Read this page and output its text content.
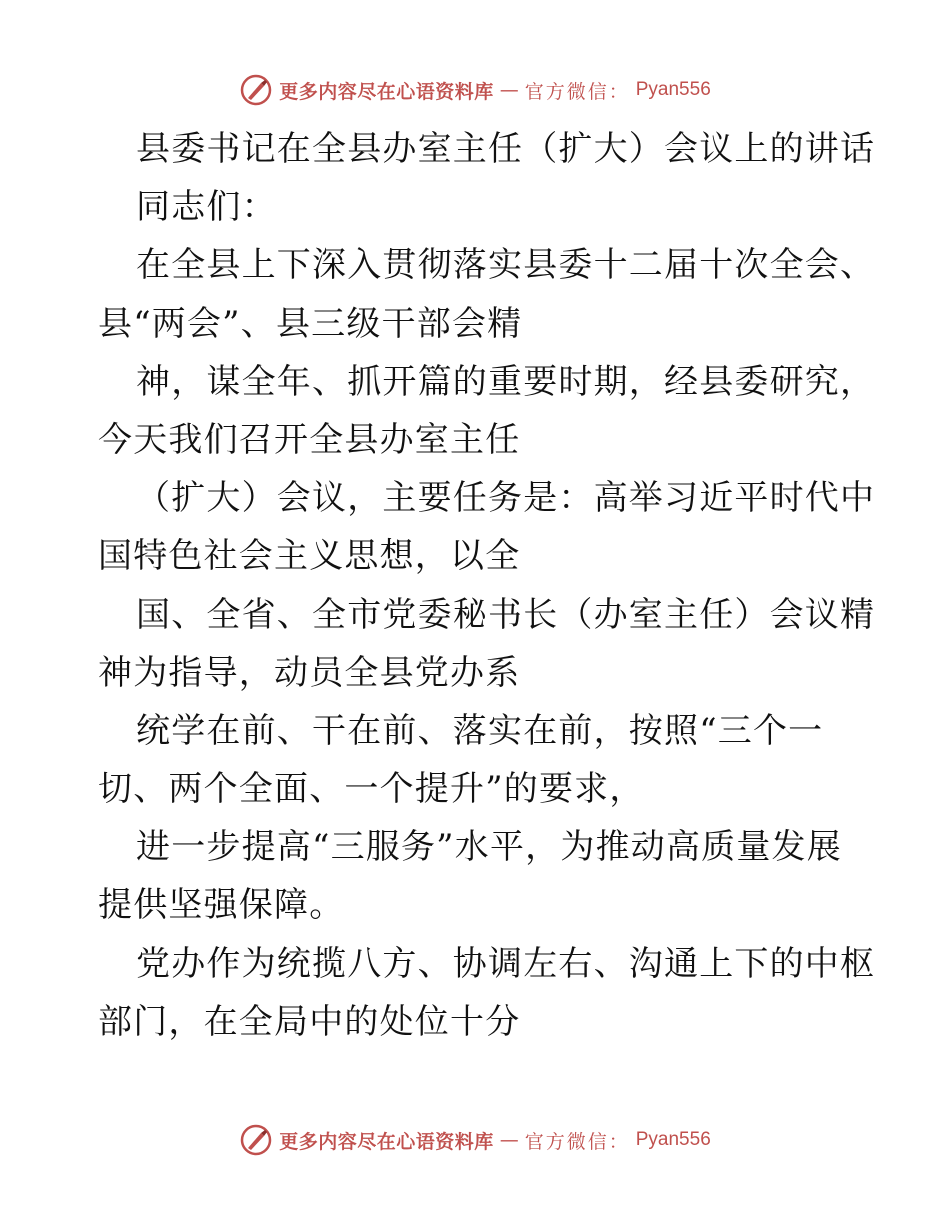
更多内容尽在心语资料库 — 官方微信： Pyan556
县委书记在全县办室主任（扩大）会议上的讲话
同志们：
在全县上下深入贯彻落实县委十二届十次全会、
县“两会”、县三级干部会精
神，谋全年、抓开篇的重要时期，经县委研究，
今天我们召开全县办室主任
（扩大）会议，主要任务是：高举习近平时代中
国特色社会主义思想，以全
国、全省、全市党委秘书长（办室主任）会议精
神为指导，动员全县党办系
统学在前、干在前、落实在前，按照“三个一
切、两个全面、一个提升”的要求，
进一步提高“三服务”水平，为推动高质量发展
提供坚强保障。
党办作为统揽八方、协调左右、沟通上下的中枢
部门，在全局中的处位十分
更多内容尽在心语资料库 — 官方微信： Pyan556
